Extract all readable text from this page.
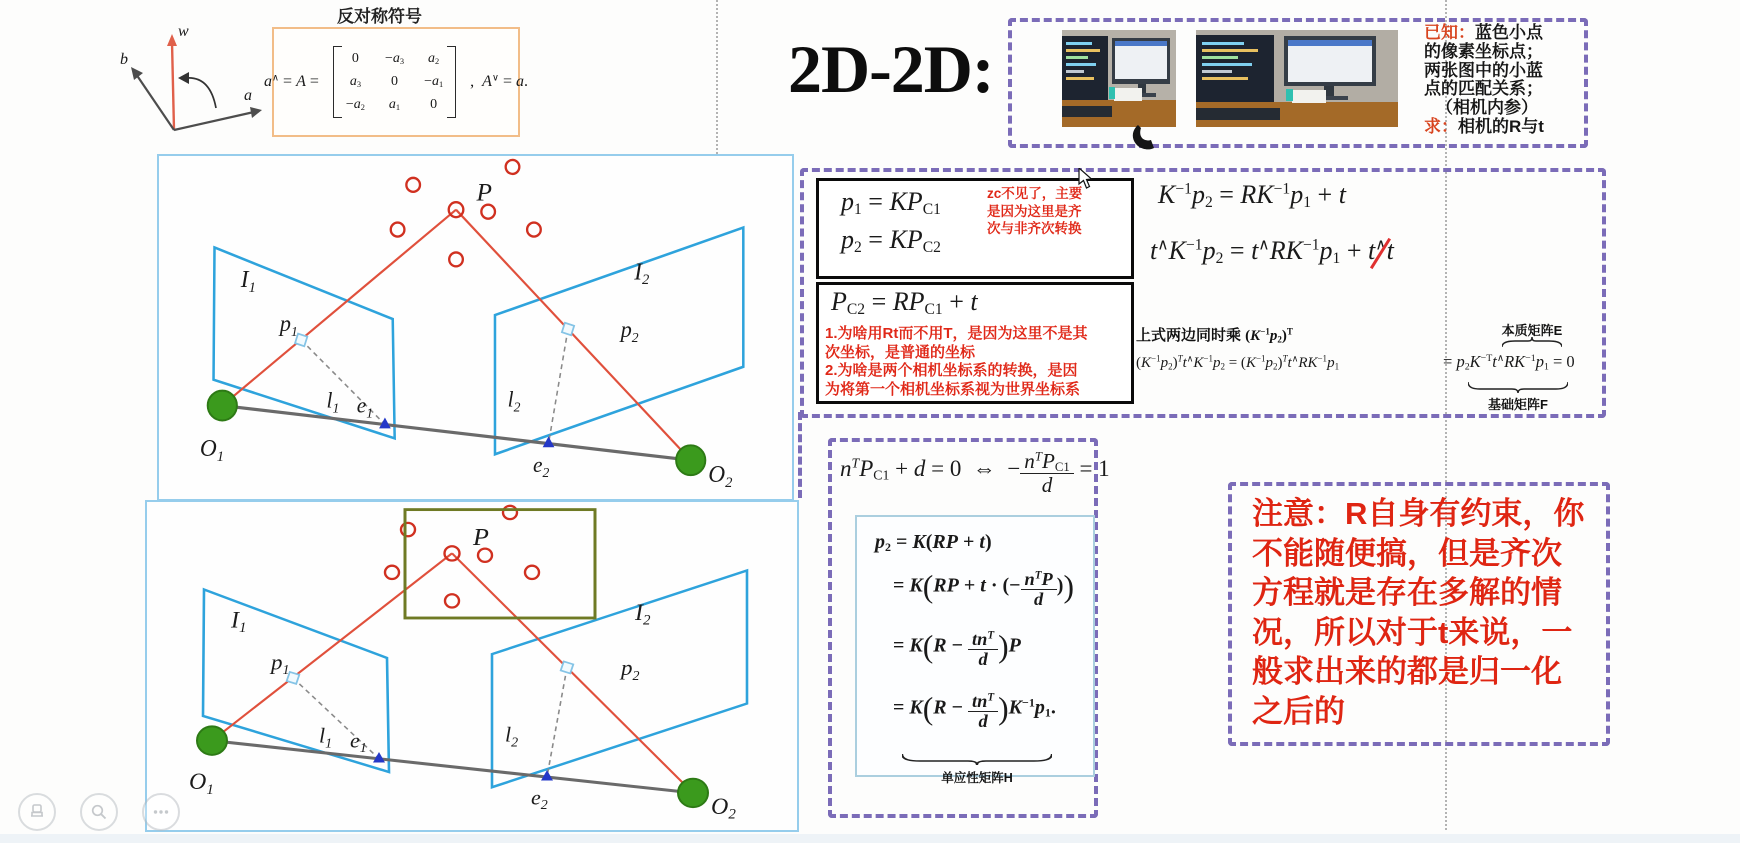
w
b
a
反对称符号
a∧ = A =
0	$-a_3$ $a_2$
$a_3$	0	$-a_1$
$-a_2$ $a_1$	0
,  A∨ = a.	2D-2D:	已知：蓝色小点
的像素坐标点；
两张图中的小蓝
点的匹配关系；
（相机内参）
求：相机的R与t
$p_1 = KP_{C1}$
$p_2 = KP_{C2}$
zc不见了，主要
是因为这里是齐
次与非齐次转换
$P_{C2} = RP_{C1} + t$
1.为啥用Rt而不用T，是因为这里不是其
次坐标，是普通的坐标
2.为啥是两个相机坐标系的转换，是因
为将第一个相机坐标系视为世界坐标系
$K^{-1}p_2 = RK^{-1}p_1 + t$
$t^\wedge K^{-1}p_2 = t^\wedge RK^{-1}p_1 + t^\wedge t$
上式两边同时乘 $(K^{-1}p_2)^T$
$(K^{-1}p_2)^Tt^\wedge K^{-1}p_2 = (K^{-1}p_2)^Tt^\wedge RK^{-1}p_1$
本质矩阵E
= $p_2K^{-T}t^\wedge RK^{-1}p_1 = 0$
基础矩阵F
$n^TP_{C1} + d = 0$  ⇔  − $\frac{n^TP_{C1}}{d} = 1$
$p_2 = K(RP + t)$
= K(RP + t · (− $\frac{n^TP}{d}$ ))
= $K(R - \frac{tn^T}{d} )P$
= $K(R - \frac{tn^T}{d} )K^{-1}p_1$.
单应性矩阵H
注意：R自身有约束，你
不能随便搞，但是齐次
方程就是存在多解的情
况，所以对于t来说，一
般求出来的都是归一化
之后的
